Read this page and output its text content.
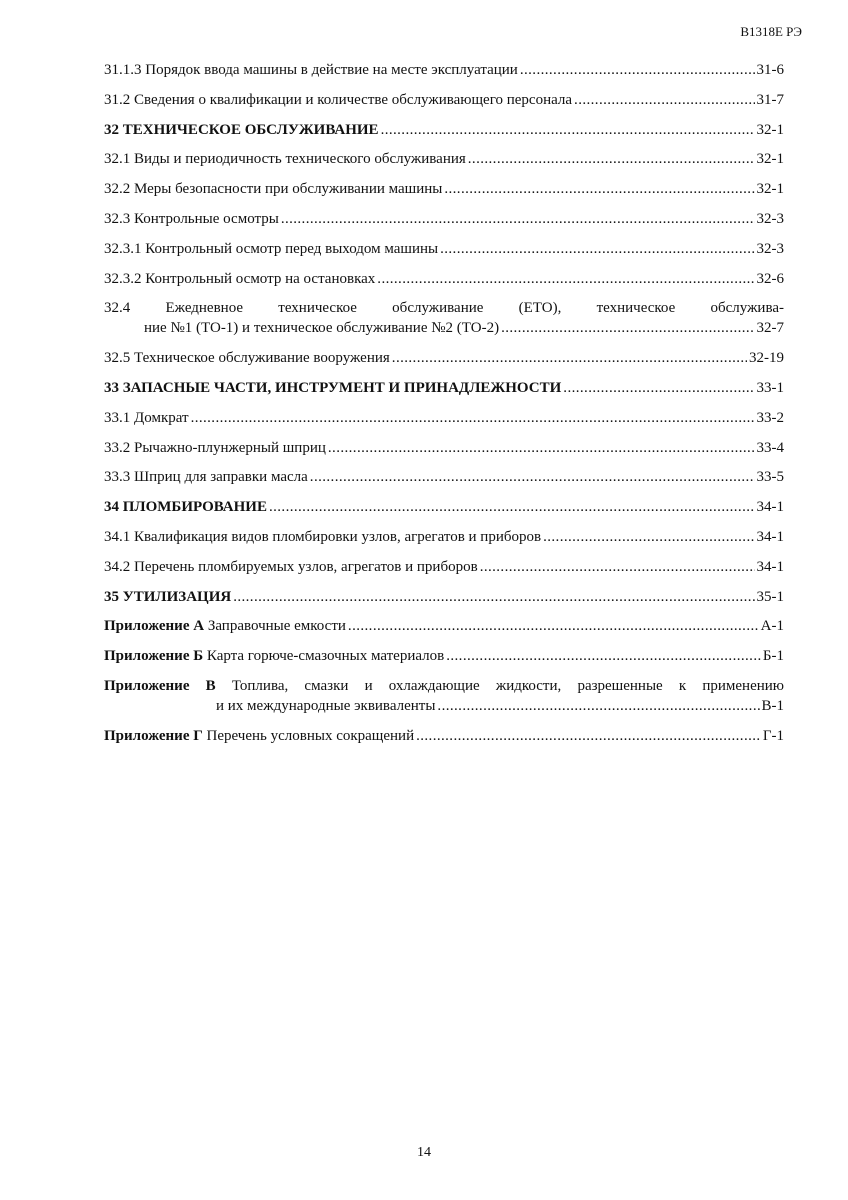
В1318Е РЭ
31.1.3 Порядок ввода машины в действие на месте эксплуатации .....	31-6
31.2 Сведения о квалификации и количестве обслуживающего персонала .....	31-7
32 ТЕХНИЧЕСКОЕ ОБСЛУЖИВАНИЕ .....	32-1
32.1 Виды и периодичность технического обслуживания .....	32-1
32.2 Меры безопасности при обслуживании машины .....	32-1
32.3 Контрольные осмотры .....	32-3
32.3.1 Контрольный осмотр перед выходом машины .....	32-3
32.3.2 Контрольный осмотр на остановках .....	32-6
32.4 Ежедневное техническое обслуживание (ЕТО), техническое обслужива-
ние №1 (ТО-1) и техническое обслуживание №2 (ТО-2) .....	32-7
32.5 Техническое обслуживание вооружения .....	32-19
33 ЗАПАСНЫЕ ЧАСТИ, ИНСТРУМЕНТ И ПРИНАДЛЕЖНОСТИ .....	33-1
33.1 Домкрат .....	33-2
33.2 Рычажно-плунжерный шприц .....	33-4
33.3 Шприц для заправки масла .....	33-5
34 ПЛОМБИРОВАНИЕ .....	34-1
34.1 Квалификация видов пломбировки узлов, агрегатов и приборов .....	34-1
34.2 Перечень пломбируемых узлов, агрегатов и приборов .....	34-1
35 УТИЛИЗАЦИЯ .....	35-1
Приложение А Заправочные емкости .....	А-1
Приложение Б Карта горюче-смазочных материалов .....	Б-1
Приложение В Топлива, смазки и охлаждающие жидкости, разрешенные к применению
и их международные эквиваленты .....	В-1
Приложение Г Перечень условных сокращений .....	Г-1
14
